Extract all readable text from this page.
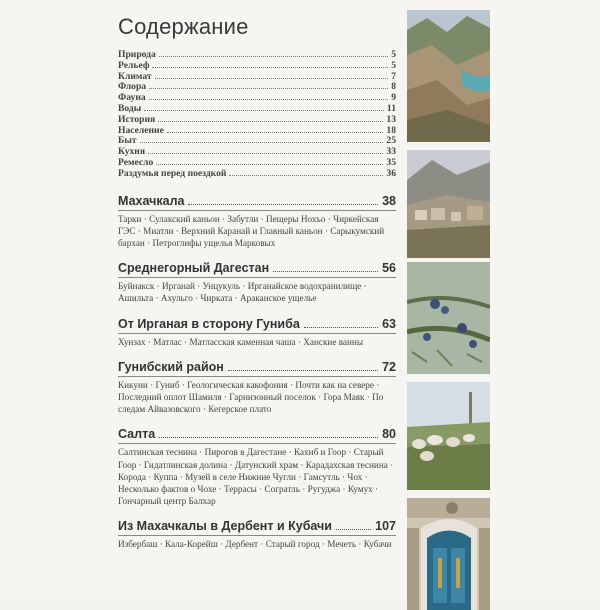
Содержание
Природа	5
Рельеф	5
Климат	7
Флора	8
Фауна	9
Воды	11
История	13
Население	18
Быт	25
Кухня	33
Ремесло	35
Раздумья перед поездкой	36
Махачкала	38
Тарки · Сулакский каньон · Забутли · Пещеры Нохъо · Чиркейская ГЭС · Миатли · Верхний Каранай и Главный каньон · Сарыкумский бархан · Петроглифы ущелья Марковых
Среднегорный Дагестан	56
Буйнакск · Ирганай · Унцукуль · Ирганайское водохранилище · Ашильта · Ахульго · Чирката · Араканское ущелье
От Ирганая в сторону Гуниба	63
Хунзах · Матлас · Матласская каменная чаша · Ханские ванны
Гунибский район	72
Кикуни · Гуниб · Геологическая какофония · Почти как на севере · Последний оплот Шамиля · Гарнизонный поселок · Гора Маяк · По следам Айвазовского · Кегерское плато
Салта	80
Салтинская теснина · Пирогов в Дагестане · Кахиб и Гоор · Старый Гоор · Гидатлинская долина · Датунский храм · Карадахская теснина · Корода · Куппа · Музей в селе Нижние Чугли · Гамсутль · Чох · Несколько фактов о Чохе · Террасы · Согратль · Ругуджа · Кумух · Гончарный центр Балхар
Из Махачкалы в Дербент и Кубачи	107
Избербаш · Кала-Корейш · Дербент · Старый город · Мечеть · Кубачи
